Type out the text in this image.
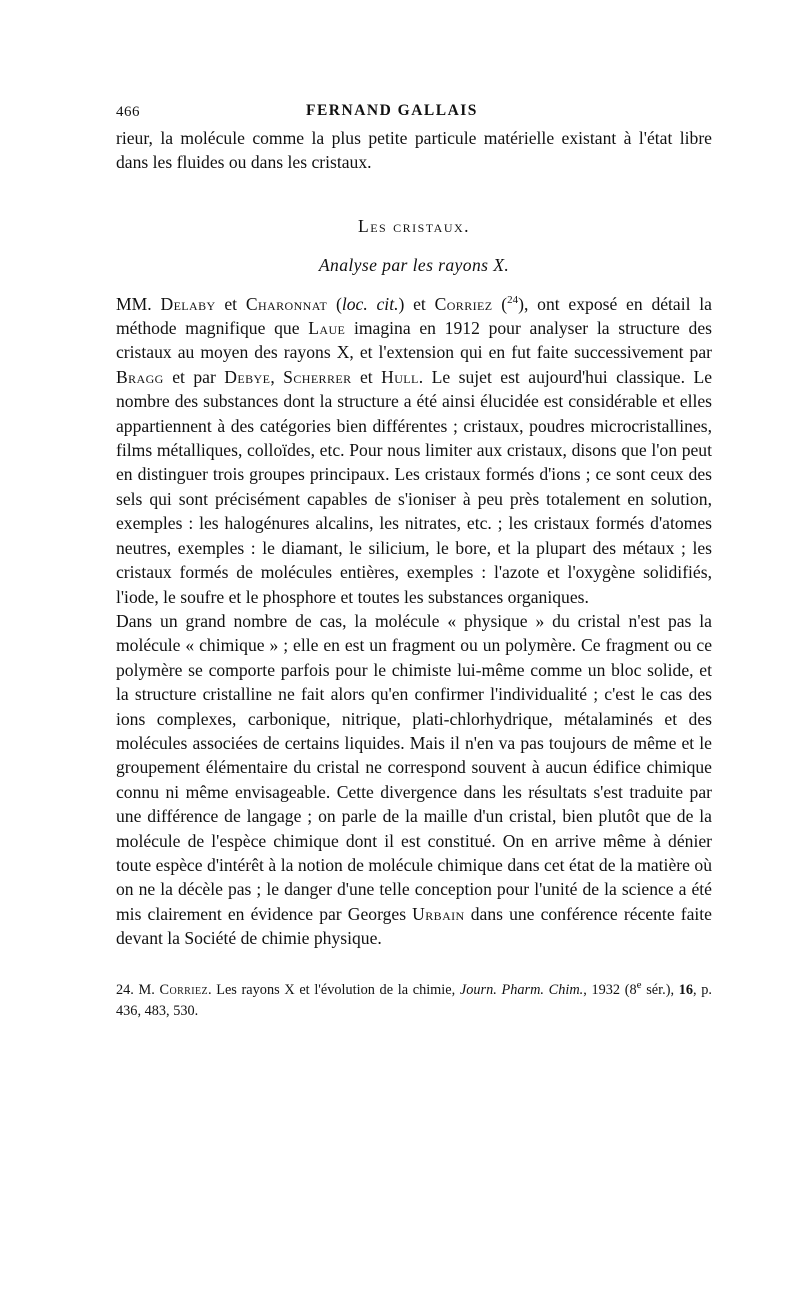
466	FERNAND GALLAIS

rieur, la molécule comme la plus petite particule matérielle existant à l'état libre dans les fluides ou dans les cristaux.

Les cristaux.
Analyse par les rayons X.

MM. Delaby et Charonnat (loc. cit.) et Corriez ($^{24}$), ont exposé en détail la méthode magnifique que Laue imagina en 1912 pour analyser la structure des cristaux au moyen des rayons X, et l'extension qui en fut faite successivement par Bragg et par Debye, Scherrer et Hull. Le sujet est aujourd'hui classique. Le nombre des substances dont la structure a été ainsi élucidée est considérable et elles appartiennent à des catégories bien différentes ; cristaux, poudres microcristallines, films métalliques, colloïdes, etc. Pour nous limiter aux cristaux, disons que l'on peut en distinguer trois groupes principaux. Les cristaux formés d'ions ; ce sont ceux des sels qui sont précisément capables de s'ioniser à peu près totalement en solution, exemples : les halogénures alcalins, les nitrates, etc. ; les cristaux formés d'atomes neutres, exemples : le diamant, le silicium, le bore, et la plupart des métaux ; les cristaux formés de molécules entières, exemples : l'azote et l'oxygène solidifiés, l'iode, le soufre et le phosphore et toutes les substances organiques.

Dans un grand nombre de cas, la molécule « physique » du cristal n'est pas la molécule « chimique » ; elle en est un fragment ou un polymère. Ce fragment ou ce polymère se comporte parfois pour le chimiste lui-même comme un bloc solide, et la structure cristalline ne fait alors qu'en confirmer l'individualité ; c'est le cas des ions complexes, carbonique, nitrique, plati-chlorhydrique, métalaminés et des molécules associées de certains liquides. Mais il n'en va pas toujours de même et le groupement élémentaire du cristal ne correspond souvent à aucun édifice chimique connu ni même envisageable. Cette divergence dans les résultats s'est traduite par une différence de langage ; on parle de la maille d'un cristal, bien plutôt que de la molécule de l'espèce chimique dont il est constitué. On en arrive même à dénier toute espèce d'intérêt à la notion de molécule chimique dans cet état de la matière où on ne la décèle pas ; le danger d'une telle conception pour l'unité de la science a été mis clairement en évidence par Georges Urbain dans une conférence récente faite devant la Société de chimie physique.

24. M. Corriez. Les rayons X et l'évolution de la chimie, Journ. Pharm. Chim., 1932 (8e sér.), 16, p. 436, 483, 530.
